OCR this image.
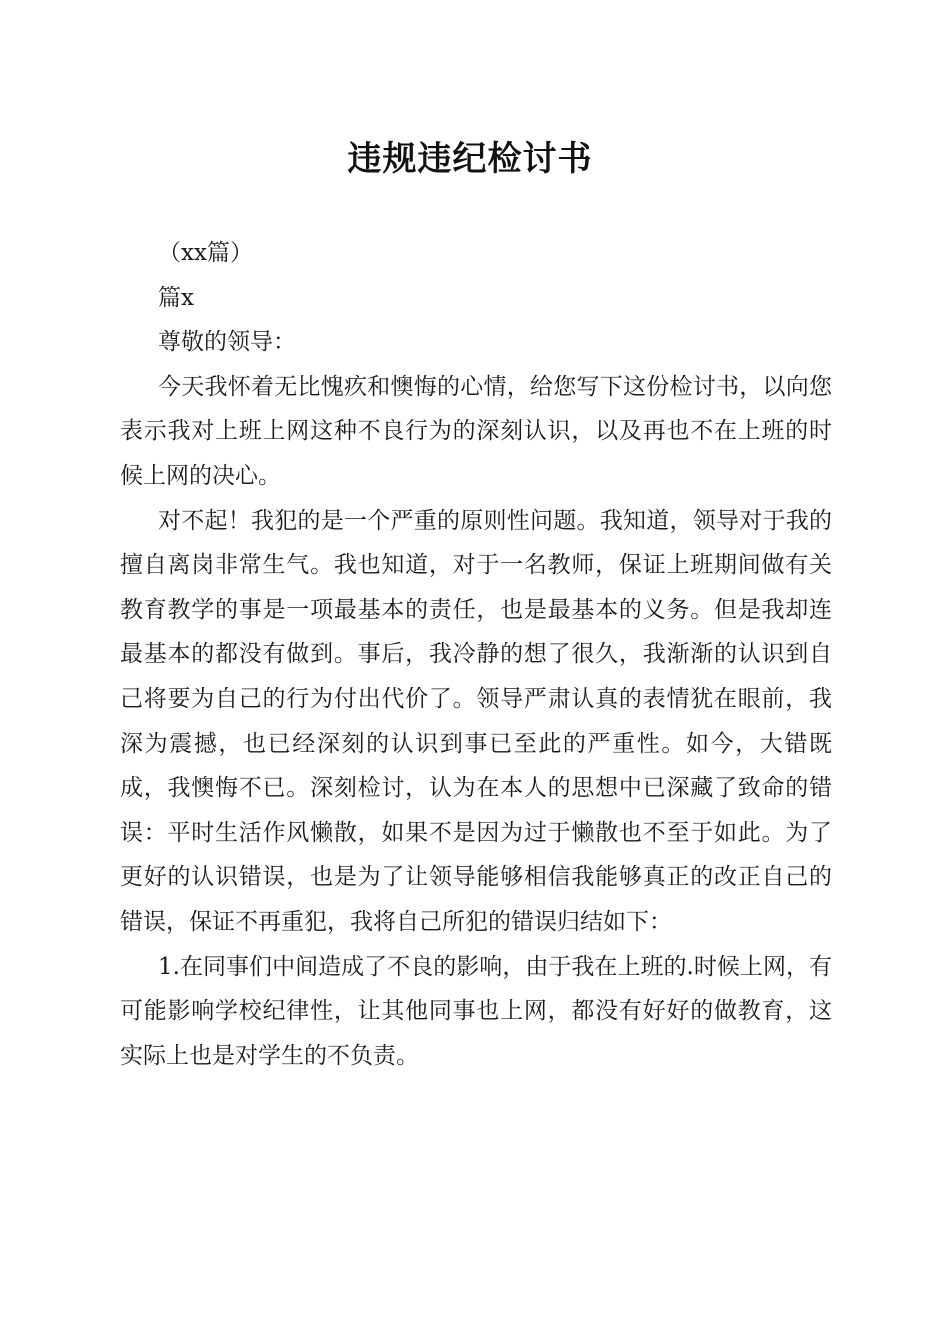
违规违纪检讨书

（xx篇）

篇x

尊敬的领导：

今天我怀着无比愧疚和懊悔的心情，给您写下这份检讨书，以向您表示我对上班上网这种不良行为的深刻认识，以及再也不在上班的时候上网的决心。

对不起！我犯的是一个严重的原则性问题。我知道，领导对于我的擅自离岗非常生气。我也知道，对于一名教师，保证上班期间做有关教育教学的事是一项最基本的责任，也是最基本的义务。但是我却连最基本的都没有做到。事后，我冷静的想了很久，我渐渐的认识到自己将要为自己的行为付出代价了。领导严肃认真的表情犹在眼前，我深为震撼，也已经深刻的认识到事已至此的严重性。如今，大错既成，我懊悔不已。深刻检讨，认为在本人的思想中已深藏了致命的错误：平时生活作风懒散，如果不是因为过于懒散也不至于如此。为了更好的认识错误，也是为了让领导能够相信我能够真正的改正自己的错误，保证不再重犯，我将自己所犯的错误归结如下：

1.在同事们中间造成了不良的影响，由于我在上班的.时候上网，有可能影响学校纪律性，让其他同事也上网，都没有好好的做教育，这实际上也是对学生的不负责。
